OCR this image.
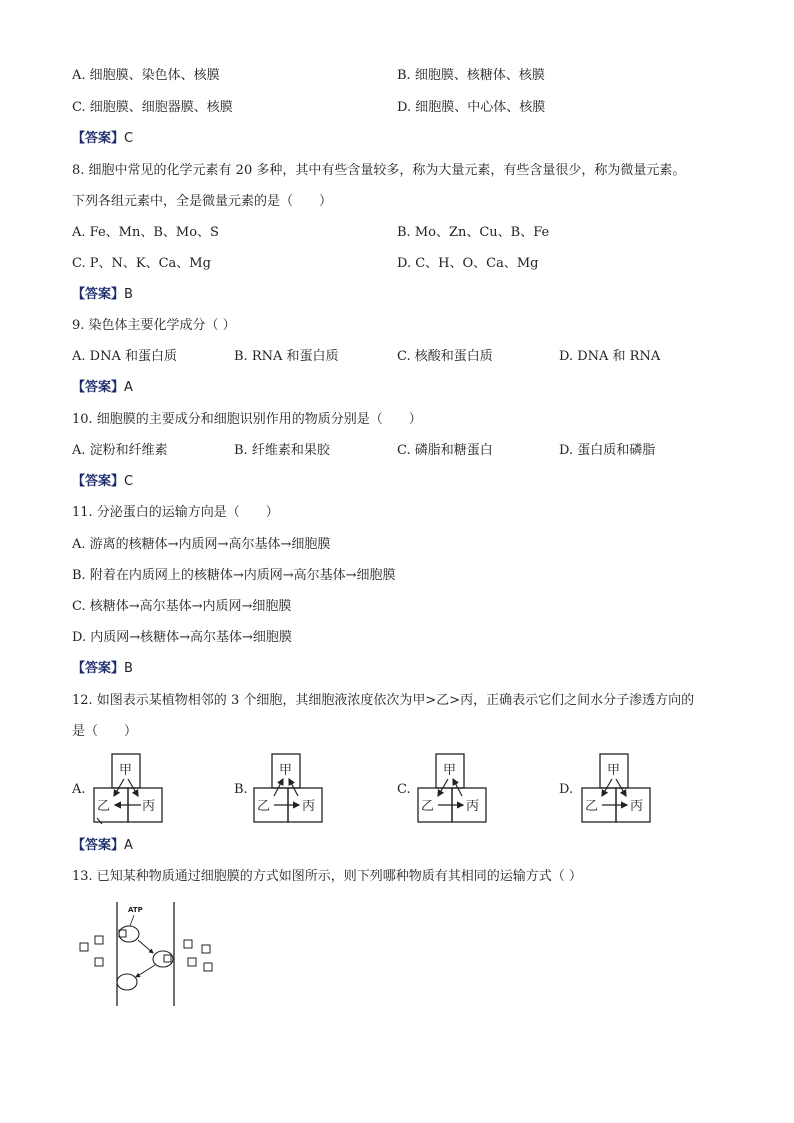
A. 细胞膜、染色体、核膜	B. 细胞膜、核糖体、核膜
C. 细胞膜、细胞器膜、核膜	D. 细胞膜、中心体、核膜
【答案】C
8. 细胞中常见的化学元素有 20 多种，其中有些含量较多，称为大量元素，有些含量很少，称为微量元素。
下列各组元素中，全是微量元素的是（　　）
A. Fe、Mn、B、Mo、S	B. Mo、Zn、Cu、B、Fe
C. P、N、K、Ca、Mg	D. C、H、O、Ca、Mg
【答案】B
9. 染色体主要化学成分（ ）
A. DNA 和蛋白质	B. RNA 和蛋白质	C. 核酸和蛋白质	D. DNA 和 RNA
【答案】A
10. 细胞膜的主要成分和细胞识别作用的物质分别是（　　）
A. 淀粉和纤维素	B. 纤维素和果胶	C. 磷脂和糖蛋白	D. 蛋白质和磷脂
【答案】C
11. 分泌蛋白的运输方向是（　　）
A. 游离的核糖体→内质网→高尔基体→细胞膜
B. 附着在内质网上的核糖体→内质网→高尔基体→细胞膜
C. 核糖体→高尔基体→内质网→细胞膜
D. 内质网→核糖体→高尔基体→细胞膜
【答案】B
12. 如图表示某植物相邻的 3 个细胞，其细胞液浓度依次为甲>乙>丙，正确表示它们之间水分子渗透方向的
是（　　）
A.	B.	C.	D.
甲
乙 丙
甲
乙 丙
甲
乙 丙
甲
乙 丙
【答案】A
13. 已知某种物质通过细胞膜的方式如图所示，则下列哪种物质有其相同的运输方式（ ）
ATP
